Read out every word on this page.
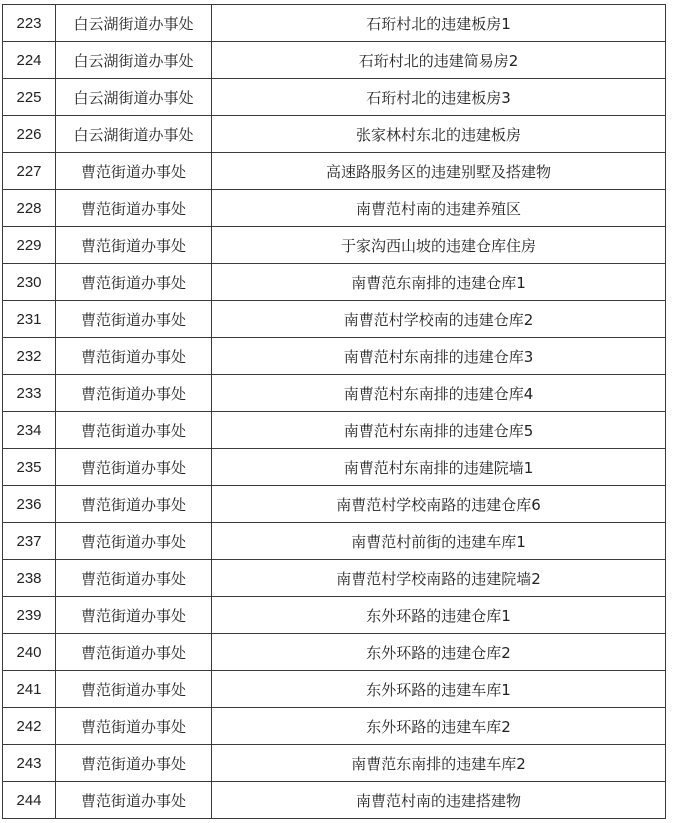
223	白云湖街道办事处	石珩村北的违建板房1
224	白云湖街道办事处	石珩村北的违建简易房2
225	白云湖街道办事处	石珩村北的违建板房3
226	白云湖街道办事处	张家林村东北的违建板房
227	曹范街道办事处	高速路服务区的违建别墅及搭建物
228	曹范街道办事处	南曹范村南的违建养殖区
229	曹范街道办事处	于家沟西山坡的违建仓库住房
230	曹范街道办事处	南曹范东南排的违建仓库1
231	曹范街道办事处	南曹范村学校南的违建仓库2
232	曹范街道办事处	南曹范村东南排的违建仓库3
233	曹范街道办事处	南曹范村东南排的违建仓库4
234	曹范街道办事处	南曹范村东南排的违建仓库5
235	曹范街道办事处	南曹范村东南排的违建院墙1
236	曹范街道办事处	南曹范村学校南路的违建仓库6
237	曹范街道办事处	南曹范村前街的违建车库1
238	曹范街道办事处	南曹范村学校南路的违建院墙2
239	曹范街道办事处	东外环路的违建仓库1
240	曹范街道办事处	东外环路的违建仓库2
241	曹范街道办事处	东外环路的违建车库1
242	曹范街道办事处	东外环路的违建车库2
243	曹范街道办事处	南曹范东南排的违建车库2
244	曹范街道办事处	南曹范村南的违建搭建物
